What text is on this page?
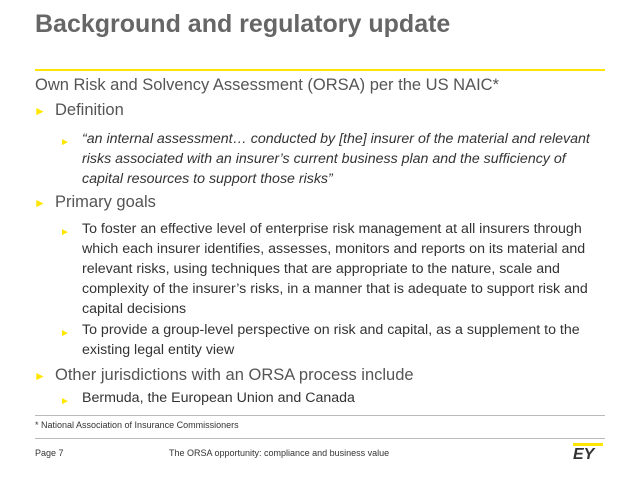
Background and regulatory update
Own Risk and Solvency Assessment (ORSA) per the US NAIC*
► Definition
► “an internal assessment… conducted by [the] insurer of the material and relevant risks associated with an insurer’s current business plan and the sufficiency of capital resources to support those risks”
► Primary goals
► To foster an effective level of enterprise risk management at all insurers through which each insurer identifies, assesses, monitors and reports on its material and relevant risks, using techniques that are appropriate to the nature, scale and complexity of the insurer’s risks, in a manner that is adequate to support risk and capital decisions
► To provide a group-level perspective on risk and capital, as a supplement to the existing legal entity view
► Other jurisdictions with an ORSA process include
► Bermuda, the European Union and Canada
* National Association of Insurance Commissioners
Page 7	The ORSA opportunity: compliance and business value	EY
